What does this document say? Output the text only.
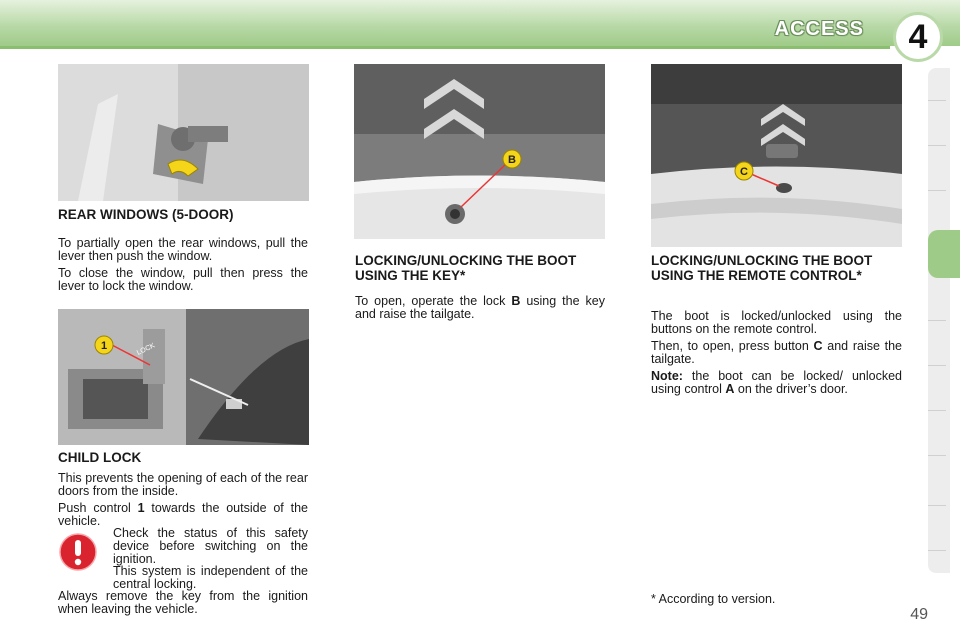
ACCESS	4
REAR WINDOWS (5-DOOR)
To partially open the rear windows, pull the lever then push the window.
To close the window, pull then press the lever to lock the window.
1	LOCK
CHILD LOCK
This prevents the opening of each of the rear doors from the inside.
Push control 1 towards the outside of the vehicle.
Check the status of this safety device before switching on the ignition.
This system is independent of the central locking.
Always remove the key from the ignition when leaving the vehicle.
B
LOCKING/UNLOCKING THE BOOT USING THE KEY*
To open, operate the lock B using the key and raise the tailgate.
C
LOCKING/UNLOCKING THE BOOT USING THE REMOTE CONTROL*
The boot is locked/unlocked using the buttons on the remote control.
Then, to open, press button C and raise the tailgate.
Note: the boot can be locked/ unlocked using control A on the driver’s door.
* According to version.
49
